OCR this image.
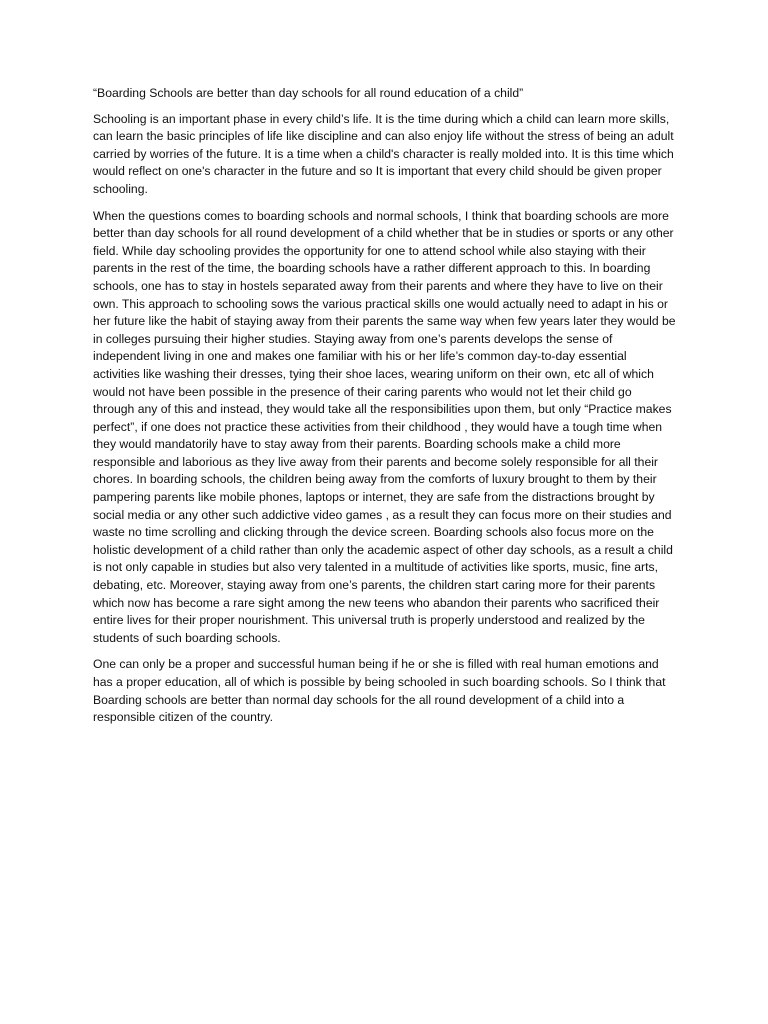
“Boarding Schools are better than day schools for all round education of a child”

Schooling is an important phase in every child’s life. It is the time during which a child can learn more skills, can learn the basic principles of life like discipline and can also enjoy life without the stress of being an adult carried by worries of the future. It is a time when a child's character is really molded into. It is this time which would reflect on one's character in the future and so It is important that every child should be given proper schooling.

When the questions comes to boarding schools and normal schools, I think that boarding schools are more better than day schools for all round development of a child whether that be in studies or sports or any other field. While day schooling provides the opportunity for one to attend school while also staying with their parents in the rest of the time, the boarding schools have a rather different approach to this. In boarding schools, one has to stay in hostels separated away from their parents and where they have to live on their own. This approach to schooling sows the various practical skills one would actually need to adapt in his or her future like the habit of staying away from their parents the same way when few years later they would be in colleges pursuing their higher studies. Staying away from one’s parents develops the sense of independent living in one and makes one familiar with his or her life’s common day-to-day essential activities like washing their dresses, tying their shoe laces, wearing uniform on their own, etc all of which would not have been possible in the presence of their caring parents who would not let their child go through any of this and instead, they would take all the responsibilities upon them, but only “Practice makes perfect”, if one does not practice these activities from their childhood , they would have a tough time when they would mandatorily have to stay away from their parents. Boarding schools make a child more responsible and laborious as they live away from their parents and become solely responsible for all their chores. In boarding schools, the children being away from the comforts of luxury brought to them by their pampering parents like mobile phones, laptops or internet, they are safe from the distractions brought by social media or any other such addictive video games , as a result they can focus more on their studies and waste no time scrolling and clicking through the device screen. Boarding schools also focus more on the holistic development of a child rather than only the academic aspect of other day schools, as a result a child is not only capable in studies but also very talented in a multitude of activities like sports, music, fine arts, debating, etc. Moreover, staying away from one’s parents, the children start caring more for their parents which now has become a rare sight among the new teens who abandon their parents who sacrificed their entire lives for their proper nourishment. This universal truth is properly understood and realized by the students of such boarding schools.

One can only be a proper and successful human being if he or she is filled with real human emotions and has a proper education, all of which is possible by being schooled in such boarding schools. So I think that Boarding schools are better than normal day schools for the all round development of a child into a responsible citizen of the country.
